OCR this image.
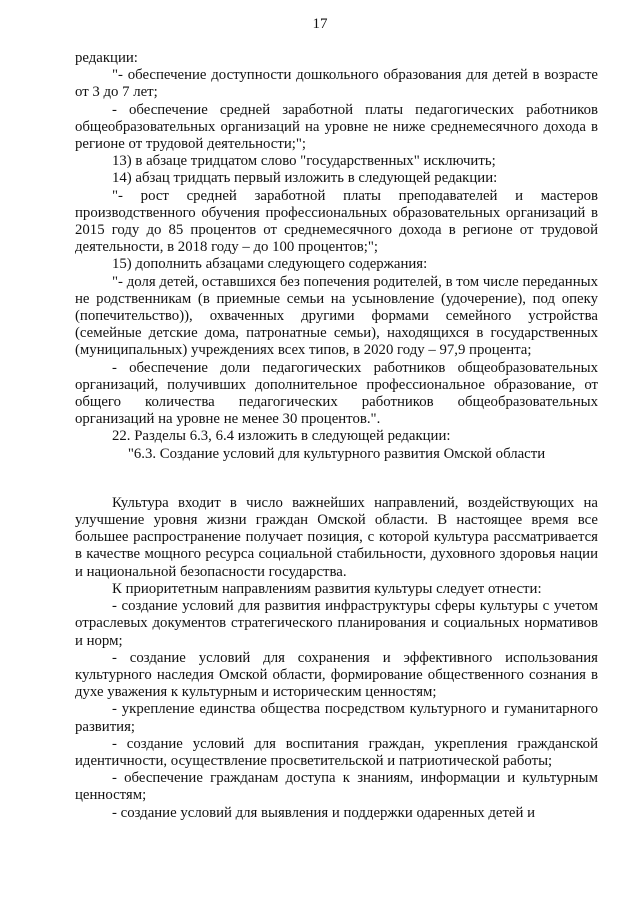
17

редакции:

"- обеспечение доступности дошкольного образования для детей в возрасте от 3 до 7 лет;

- обеспечение средней заработной платы педагогических работников общеобразовательных организаций на уровне не ниже среднемесячного дохода в регионе от трудовой деятельности;";

13) в абзаце тридцатом слово "государственных" исключить;

14) абзац тридцать первый изложить в следующей редакции:

"- рост средней заработной платы преподавателей и мастеров производственного обучения профессиональных образовательных организаций в 2015 году до 85 процентов от среднемесячного дохода в регионе от трудовой деятельности, в 2018 году – до 100 процентов;";

15) дополнить абзацами следующего содержания:

"- доля детей, оставшихся без попечения родителей, в том числе переданных не родственникам (в приемные семьи на усыновление (удочерение), под опеку (попечительство)), охваченных другими формами семейного устройства (семейные детские дома, патронатные семьи), находящихся в государственных (муниципальных) учреждениях всех типов, в 2020 году – 97,9 процента;

- обеспечение доли педагогических работников общеобразовательных организаций, получивших дополнительное профессиональное образование, от общего количества педагогических работников общеобразовательных организаций на уровне не менее 30 процентов.".

22. Разделы 6.3, 6.4 изложить в следующей редакции:

"6.3. Создание условий для культурного развития Омской области

Культура входит в число важнейших направлений, воздействующих на улучшение уровня жизни граждан Омской области. В настоящее время все большее распространение получает позиция, с которой культура рассматривается в качестве мощного ресурса социальной стабильности, духовного здоровья нации и национальной безопасности государства.

К приоритетным направлениям развития культуры следует отнести:

- создание условий для развития инфраструктуры сферы культуры с учетом отраслевых документов стратегического планирования и социальных нормативов и норм;

- создание условий для сохранения и эффективного использования культурного наследия Омской области, формирование общественного сознания в духе уважения к культурным и историческим ценностям;

- укрепление единства общества посредством культурного и гуманитарного развития;

- создание условий для воспитания граждан, укрепления гражданской идентичности, осуществление просветительской и патриотической работы;

- обеспечение гражданам доступа к знаниям, информации и культурным ценностям;

- создание условий для выявления и поддержки одаренных детей и
